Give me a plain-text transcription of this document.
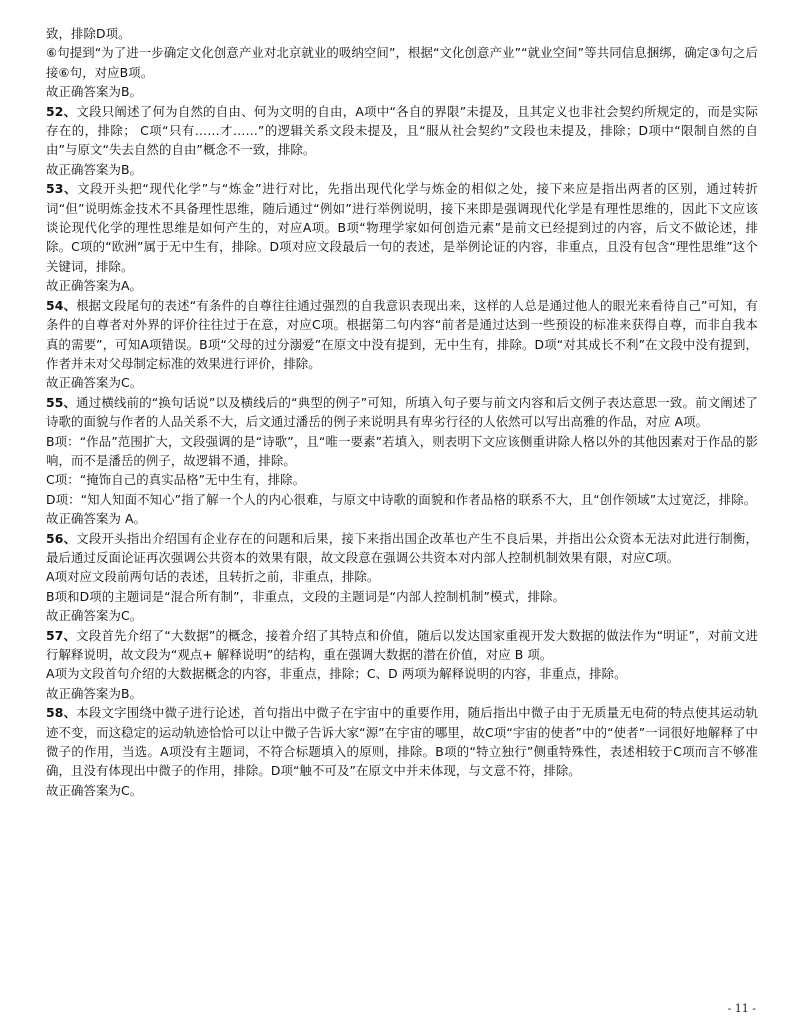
致，排除D项。

⑥句提到“为了进一步确定文化创意产业对北京就业的吸纳空间”，根据“文化创意产业”“就业空间”等共同信息捆绑，确定③句之后接⑥句，对应B项。

故正确答案为B。

52、文段只阐述了何为自然的自由、何为文明的自由，A项中“各自的界限”未提及，且其定义也非社会契约所规定的，而是实际存在的，排除； C项“只有……才……”的逻辑关系文段未提及，且“服从社会契约”文段也未提及，排除；D项中“限制自然的自由”与原文“失去自然的自由”概念不一致，排除。

故正确答案为B。

53、文段开头把“现代化学”与“炼金”进行对比，先指出现代化学与炼金的相似之处，接下来应是指出两者的区别，通过转折词“但”说明炼金技术不具备理性思维，随后通过“例如”进行举例说明，接下来即是强调现代化学是有理性思维的，因此下文应该谈论现代化学的理性思维是如何产生的，对应A项。B项“物理学家如何创造元素”是前文已经提到过的内容，后文不做论述，排除。C项的“欧洲”属于无中生有，排除。D项对应文段最后一句的表述，是举例论证的内容，非重点，且没有包含“理性思维”这个关键词，排除。

故正确答案为A。

54、根据文段尾句的表述“有条件的自尊往往通过强烈的自我意识表现出来，这样的人总是通过他人的眼光来看待自己”可知，有条件的自尊者对外界的评价往往过于在意，对应C项。根据第二句内容“前者是通过达到一些预设的标准来获得自尊，而非自我本真的需要”，可知A项错误。B项“父母的过分溺爱”在原文中没有提到，无中生有，排除。D项“对其成长不利”在文段中没有提到，作者并未对父母制定标准的效果进行评价，排除。

故正确答案为C。

55、通过横线前的“换句话说”以及横线后的“典型的例子”可知，所填入句子要与前文内容和后文例子表达意思一致。前文阐述了诗歌的面貌与作者的人品关系不大，后文通过潘岳的例子来说明具有卑劣行径的人依然可以写出高雅的作品，对应 A项。

B项：“作品”范围扩大，文段强调的是“诗歌”，且“唯一要素”若填入，则表明下文应该侧重讲除人格以外的其他因素对于作品的影响，而不是潘岳的例子，故逻辑不通，排除。

C项：“掩饰自己的真实品格”无中生有，排除。

D项：“知人知面不知心”指了解一个人的内心很难，与原文中诗歌的面貌和作者品格的联系不大，且“创作领域”太过宽泛，排除。

故正确答案为 A。

56、文段开头指出介绍国有企业存在的问题和后果，接下来指出国企改革也产生不良后果，并指出公众资本无法对此进行制衡，最后通过反面论证再次强调公共资本的效果有限，故文段意在强调公共资本对内部人控制机制效果有限，对应C项。

A项对应文段前两句话的表述，且转折之前，非重点，排除。

B项和D项的主题词是“混合所有制”，非重点，文段的主题词是“内部人控制机制”模式，排除。

故正确答案为C。

57、文段首先介绍了“大数据”的概念，接着介绍了其特点和价值，随后以发达国家重视开发大数据的做法作为“明证”，对前文进行解释说明，故文段为“观点+ 解释说明”的结构，重在强调大数据的潜在价值，对应 B 项。

A项为文段首句介绍的大数据概念的内容，非重点，排除；C、D 两项为解释说明的内容，非重点，排除。

故正确答案为B。

58、本段文字围绕中微子进行论述，首句指出中微子在宇宙中的重要作用，随后指出中微子由于无质量无电荷的特点使其运动轨迹不变，而这稳定的运动轨迹恰恰可以让中微子告诉大家“源”在宇宙的哪里，故C项“宇宙的使者”中的“使者”一词很好地解释了中微子的作用，当选。A项没有主题词，不符合标题填入的原则，排除。B项的“特立独行”侧重特殊性，表述相较于C项而言不够准确，且没有体现出中微子的作用，排除。D项“触不可及”在原文中并未体现，与文意不符，排除。

故正确答案为C。

- 11 -
